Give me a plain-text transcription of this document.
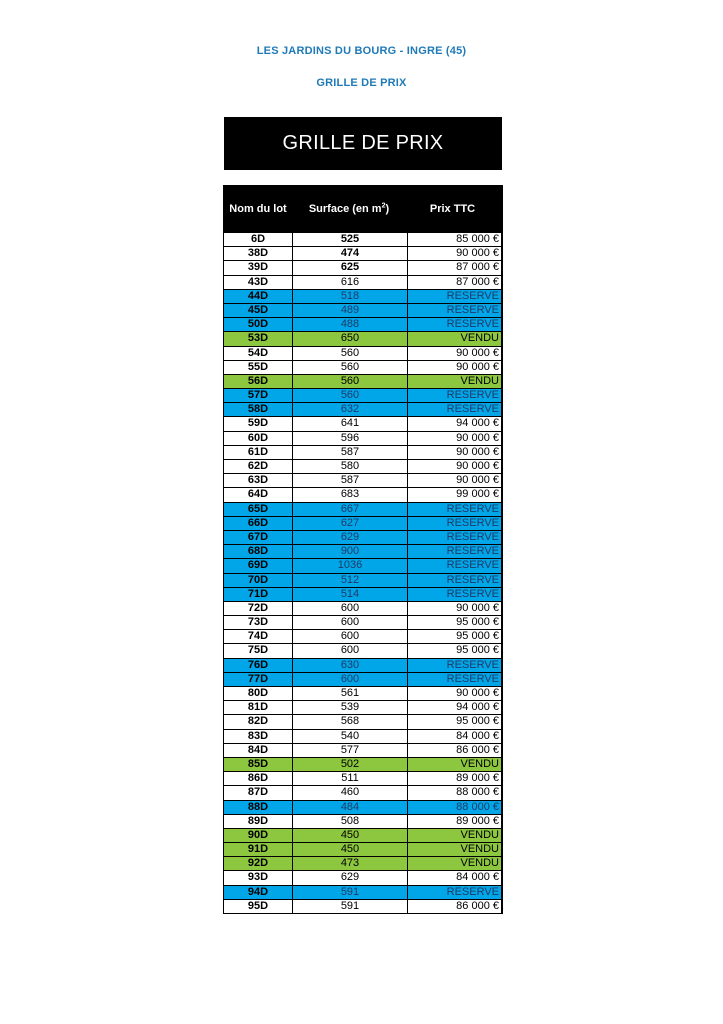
LES JARDINS DU BOURG - INGRE (45)
GRILLE DE PRIX
GRILLE DE PRIX
Nom du lot	Surface (en $m^2$)	Prix TTC
6D	525	85 000 €
38D	474	90 000 €
39D	625	87 000 €
43D	616	87 000 €
44D	518	RESERVE
45D	489	RESERVE
50D	488	RESERVE
53D	650	VENDU
54D	560	90 000 €
55D	560	90 000 €
56D	560	VENDU
57D	560	RESERVE
58D	632	RESERVE
59D	641	94 000 €
60D	596	90 000 €
61D	587	90 000 €
62D	580	90 000 €
63D	587	90 000 €
64D	683	99 000 €
65D	667	RESERVE
66D	627	RESERVE
67D	629	RESERVE
68D	900	RESERVE
69D	1036	RESERVE
70D	512	RESERVE
71D	514	RESERVE
72D	600	90 000 €
73D	600	95 000 €
74D	600	95 000 €
75D	600	95 000 €
76D	630	RESERVE
77D	600	RESERVE
80D	561	90 000 €
81D	539	94 000 €
82D	568	95 000 €
83D	540	84 000 €
84D	577	86 000 €
85D	502	VENDU
86D	511	89 000 €
87D	460	88 000 €
88D	484	88 000 €
89D	508	89 000 €
90D	450	VENDU
91D	450	VENDU
92D	473	VENDU
93D	629	84 000 €
94D	591	RESERVE
95D	591	86 000 €
